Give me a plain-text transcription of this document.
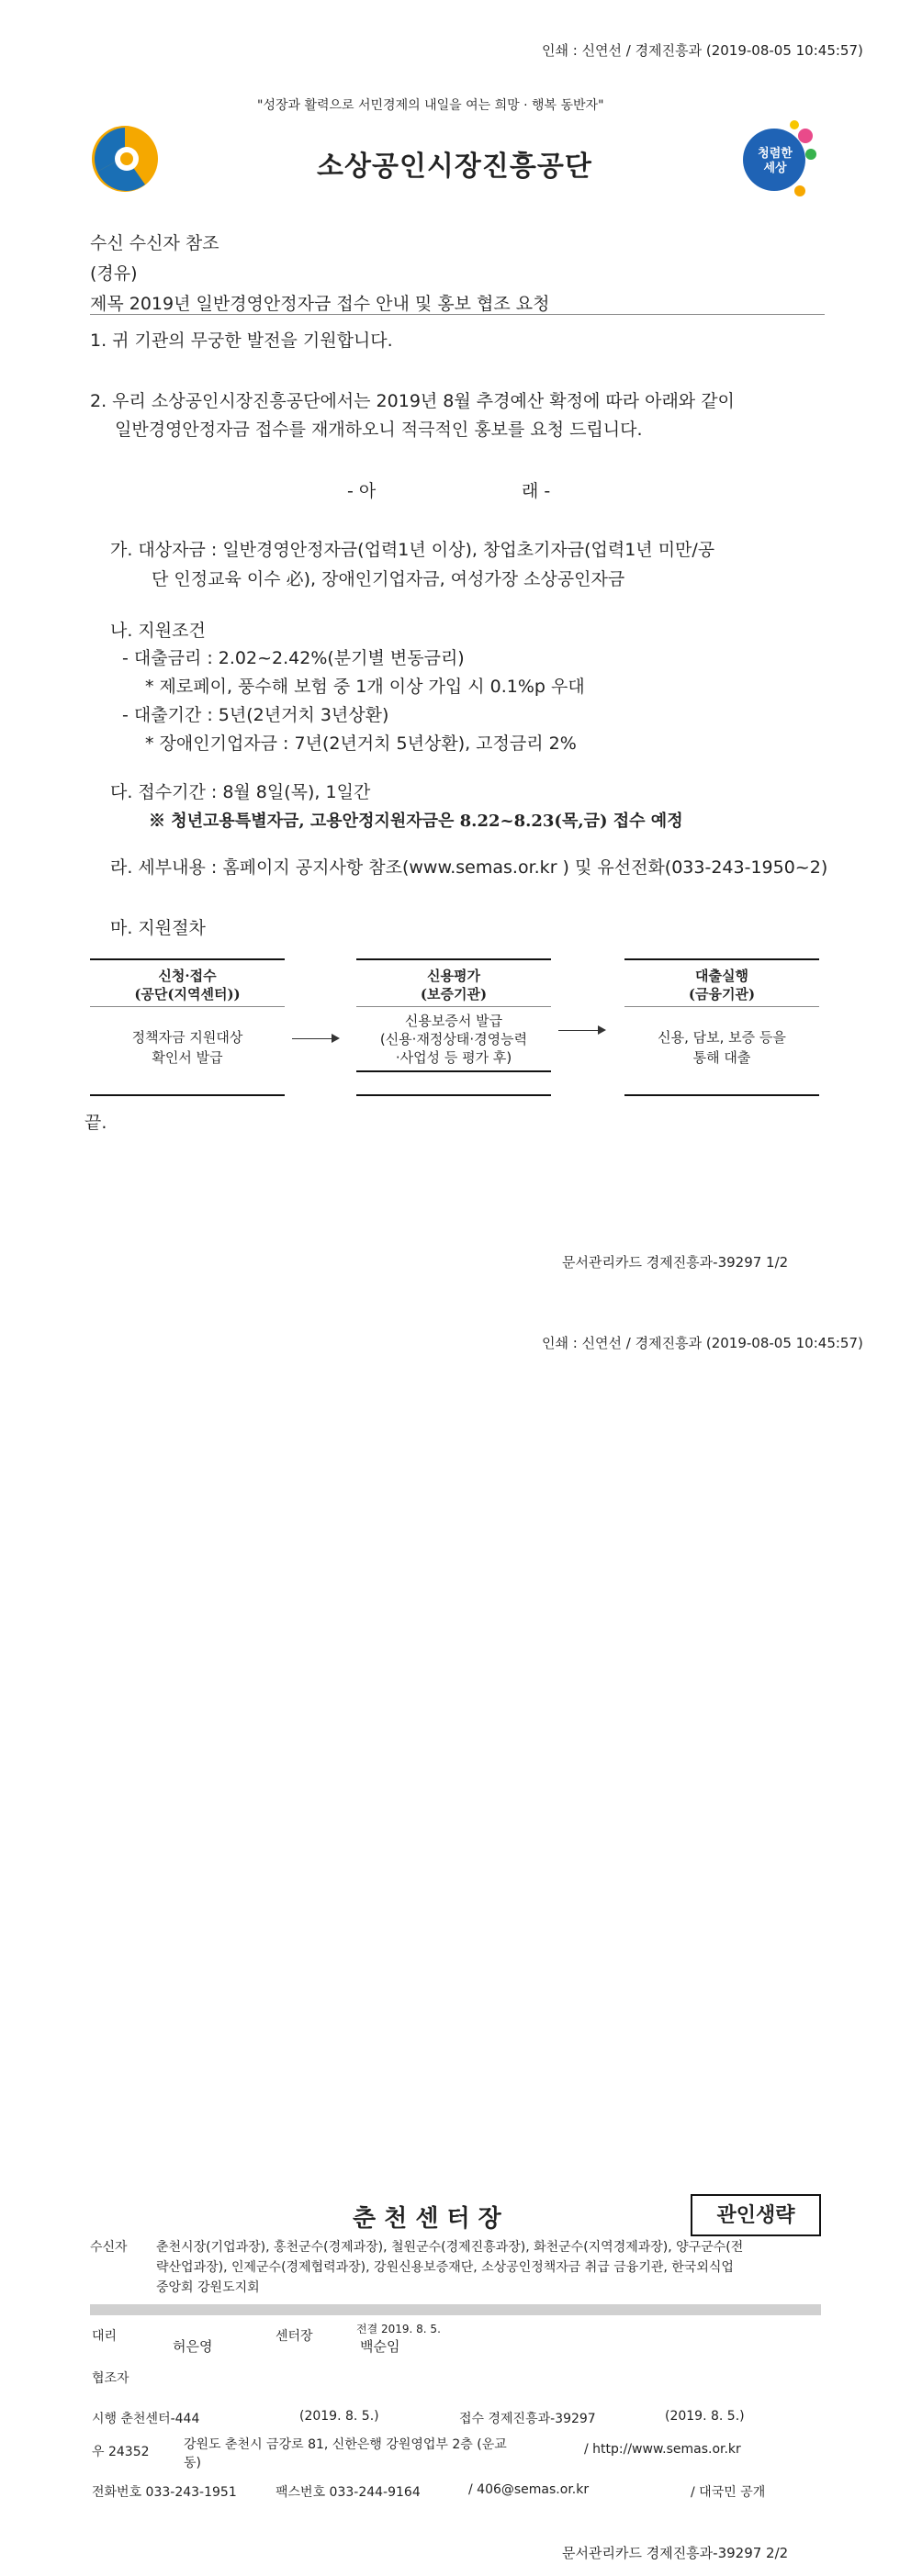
인쇄 : 신연선 / 경제진흥과 (2019-08-05 10:45:57)
"성장과 활력으로 서민경제의 내일을 여는 희망 · 행복 동반자"
소상공인시장진흥공단	청렴한 세상
수신 수신자 참조
(경유)
제목 2019년 일반경영안정자금 접수 안내 및 홍보 협조 요청
1. 귀 기관의 무궁한 발전을 기원합니다.
2. 우리 소상공인시장진흥공단에서는 2019년 8월 추경예산 확정에 따라 아래와 같이
일반경영안정자금 접수를 재개하오니 적극적인 홍보를 요청 드립니다.
- 아	래 -
가. 대상자금 : 일반경영안정자금(업력1년 이상), 창업초기자금(업력1년 미만/공
단 인정교육 이수 必), 장애인기업자금, 여성가장 소상공인자금
나. 지원조건
- 대출금리 : 2.02~2.42%(분기별 변동금리)
* 제로페이, 풍수해 보험 중 1개 이상 가입 시 0.1%p 우대
- 대출기간 : 5년(2년거치 3년상환)
* 장애인기업자금 : 7년(2년거치 5년상환), 고정금리 2%
다. 접수기간 : 8월 8일(목), 1일간
※ 청년고용특별자금, 고용안정지원자금은 8.22~8.23(목,금) 접수 예정
라. 세부내용 : 홈페이지 공지사항 참조(www.semas.or.kr ) 및 유선전화(033-243-1950~2)
마. 지원절차
신청·접수
(공단(지역센터))
정책자금 지원대상
확인서 발급
신용평가
(보증기관)
신용보증서 발급
(신용·재정상태·경영능력
·사업성 등 평가 후)
대출실행
(금융기관)
신용, 담보, 보증 등을
통해 대출
끝.
문서관리카드 경제진흥과-39297 1/2
인쇄 : 신연선 / 경제진흥과 (2019-08-05 10:45:57)
춘 천 센 터 장	관인생략
수신자 춘천시장(기업과장), 홍천군수(경제과장), 철원군수(경제진흥과장), 화천군수(지역경제과장), 양구군수(전
략산업과장), 인제군수(경제협력과장), 강원신용보증재단, 소상공인정책자금 취급 금융기관, 한국외식업
중앙회 강원도지회
대리
허은영
센터장	전결 2019. 8. 5.
백순임
협조자
시행 춘천센터-444	(2019. 8. 5.)	접수 경제진흥과-39297	(2019. 8. 5.)
우 24352	강원도 춘천시 금강로 81, 신한은행 강원영업부 2층 (운교
동)
/ http://www.semas.or.kr
전화번호 033-243-1951	팩스번호 033-244-9164	/ 406@semas.or.kr	/ 대국민 공개
문서관리카드 경제진흥과-39297 2/2
